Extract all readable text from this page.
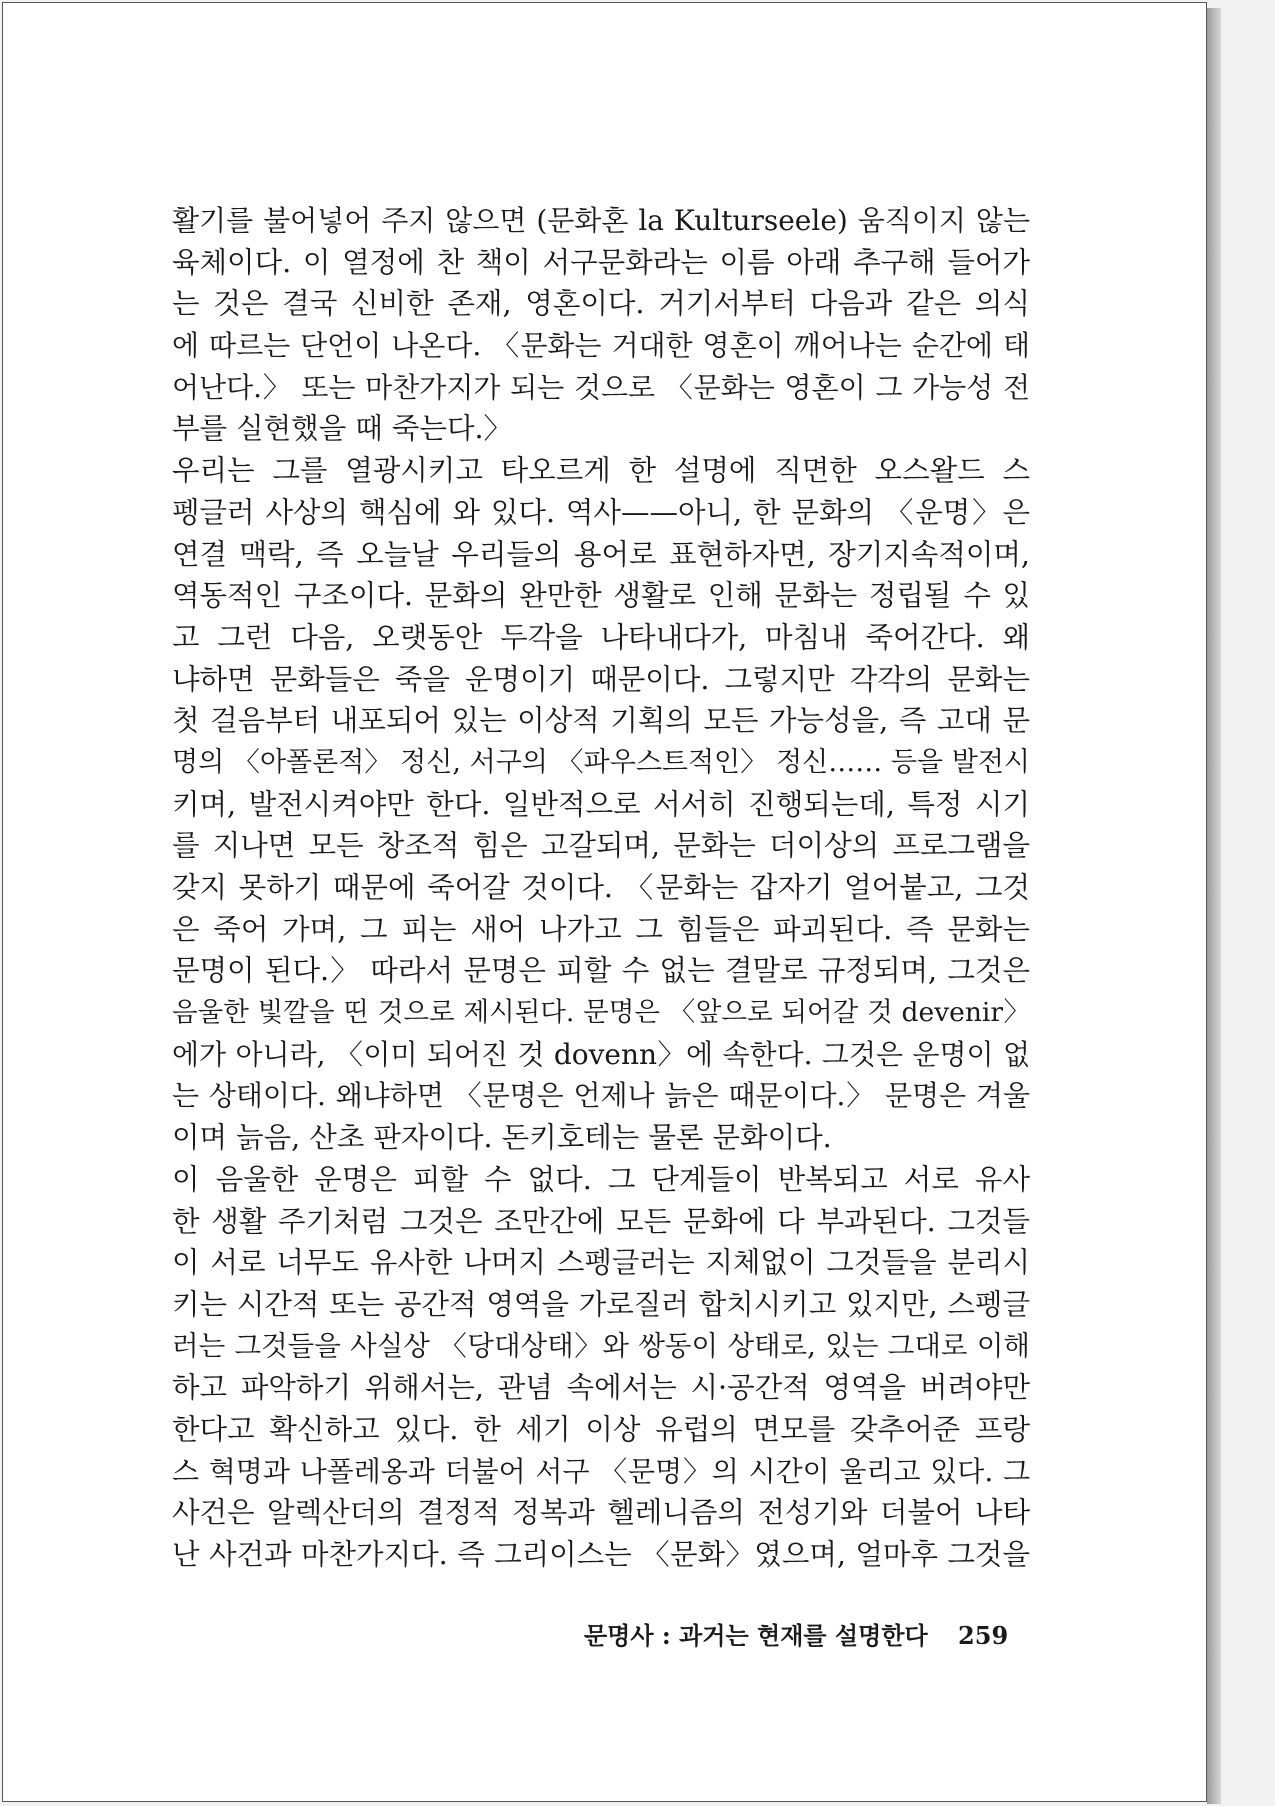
활기를 불어넣어 주지 않으면 (문화혼 la Kulturseele) 움직이지 않는
육체이다. 이 열정에 찬 책이 서구문화라는 이름 아래 추구해 들어가
는 것은 결국 신비한 존재, 영혼이다. 거기서부터 다음과 같은 의식
에 따르는 단언이 나온다. 〈문화는 거대한 영혼이 깨어나는 순간에 태
어난다.〉 또는 마찬가지가 되는 것으로 〈문화는 영혼이 그 가능성 전
부를 실현했을 때 죽는다.〉
우리는 그를 열광시키고 타오르게 한 설명에 직면한 오스왈드 스
펭글러 사상의 핵심에 와 있다. 역사——아니, 한 문화의 〈운명〉은
연결 맥락, 즉 오늘날 우리들의 용어로 표현하자면, 장기지속적이며,
역동적인 구조이다. 문화의 완만한 생활로 인해 문화는 정립될 수 있
고 그런 다음, 오랫동안 두각을 나타내다가, 마침내 죽어간다. 왜
냐하면 문화들은 죽을 운명이기 때문이다. 그렇지만 각각의 문화는
첫 걸음부터 내포되어 있는 이상적 기획의 모든 가능성을, 즉 고대 문
명의 〈아폴론적〉 정신, 서구의 〈파우스트적인〉 정신…… 등을 발전시
키며, 발전시켜야만 한다. 일반적으로 서서히 진행되는데, 특정 시기
를 지나면 모든 창조적 힘은 고갈되며, 문화는 더이상의 프로그램을
갖지 못하기 때문에 죽어갈 것이다. 〈문화는 갑자기 얼어붙고, 그것
은 죽어 가며, 그 피는 새어 나가고 그 힘들은 파괴된다. 즉 문화는
문명이 된다.〉 따라서 문명은 피할 수 없는 결말로 규정되며, 그것은
음울한 빛깔을 띤 것으로 제시된다. 문명은 〈앞으로 되어갈 것 devenir〉
에가 아니라, 〈이미 되어진 것 dovenn〉에 속한다. 그것은 운명이 없
는 상태이다. 왜냐하면 〈문명은 언제나 늙은 때문이다.〉 문명은 겨울
이며 늙음, 산초 판자이다. 돈키호테는 물론 문화이다.
이 음울한 운명은 피할 수 없다. 그 단계들이 반복되고 서로 유사
한 생활 주기처럼 그것은 조만간에 모든 문화에 다 부과된다. 그것들
이 서로 너무도 유사한 나머지 스펭글러는 지체없이 그것들을 분리시
키는 시간적 또는 공간적 영역을 가로질러 합치시키고 있지만, 스펭글
러는 그것들을 사실상 〈당대상태〉와 쌍동이 상태로, 있는 그대로 이해
하고 파악하기 위해서는, 관념 속에서는 시·공간적 영역을 버려야만
한다고 확신하고 있다. 한 세기 이상 유럽의 면모를 갖추어준 프랑
스 혁명과 나폴레옹과 더불어 서구 〈문명〉의 시간이 울리고 있다. 그
사건은 알렉산더의 결정적 정복과 헬레니즘의 전성기와 더불어 나타
난 사건과 마찬가지다. 즉 그리이스는 〈문화〉였으며, 얼마후 그것을
문명사 : 과거는 현재를 설명한다 259
